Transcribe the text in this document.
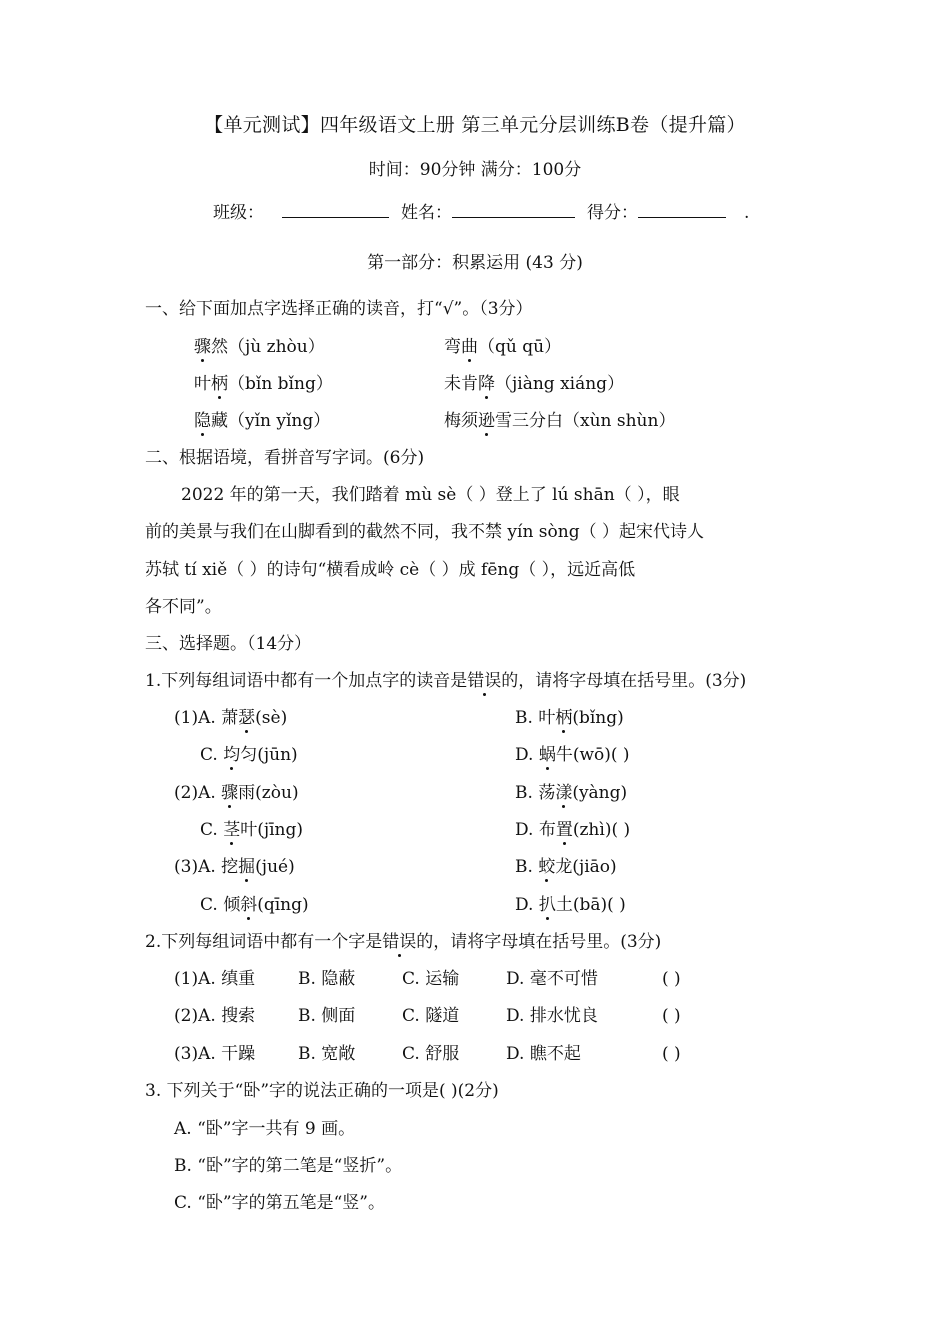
【单元测试】四年级语文上册 第三单元分层训练B卷（提升篇）
时间：90分钟 满分：100分
班级：	姓名：	得分：	.
第一部分：积累运用 (43 分)
一、给下面加点字选择正确的读音，打“√”。（3分）
骤然（jù zhòu）	弯曲（qǔ qū）
叶柄（bǐn bǐng）	未肯降（jiàng xiáng）
隐藏（yǐn yǐng）	梅须逊雪三分白（xùn shùn）
二、根据语境，看拼音写字词。(6分)
2022 年的第一天，我们踏着 mù sè（ ）登上了 lú shān（ ），眼
前的美景与我们在山脚看到的截然不同，我不禁 yín sòng（ ）起宋代诗人
苏轼 tí xiě（ ）的诗句“横看成岭 cè（ ）成 fēng（ ），远近高低
各不同”。
三、选择题。（14分）
1.下列每组词语中都有一个加点字的读音是错误的，请将字母填在括号里。(3分)
(1)A. 萧瑟(sè)	B. 叶柄(bǐng)
C. 均匀(jūn)	D. 蜗牛(wō)( )
(2)A. 骤雨(zòu)	B. 荡漾(yàng)
C. 茎叶(jīng)	D. 布置(zhì)( )
(3)A. 挖掘(jué)	B. 蛟龙(jiāo)
C. 倾斜(qīng)	D. 扒土(bā)( )
2.下列每组词语中都有一个字是错误的，请将字母填在括号里。(3分)
(1)A. 缜重	B. 隐蔽	C. 运输	D. 毫不可惜	( )
(2)A. 搜索	B. 侧面	C. 隧道	D. 排水忧良	( )
(3)A. 干躁	B. 宽敞	C. 舒服	D. 瞧不起	( )
3. 下列关于“卧”字的说法正确的一项是( )(2分)
A. “卧”字一共有 9 画。
B. “卧”字的第二笔是“竖折”。
C. “卧”字的第五笔是“竖”。
